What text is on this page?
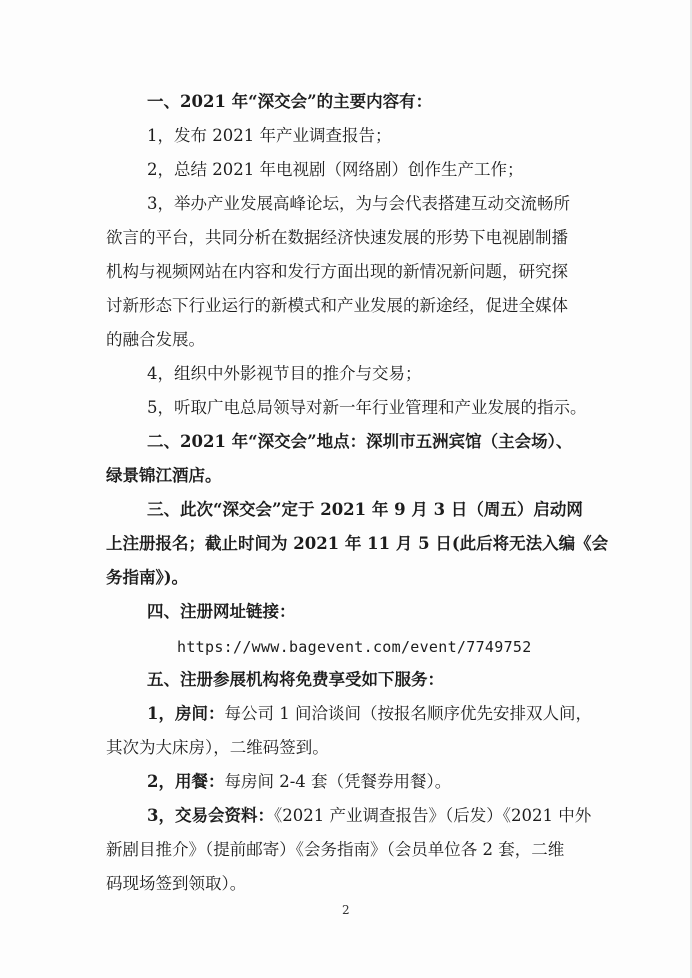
一、2021 年“深交会”的主要内容有：
1，发布 2021 年产业调查报告；
2，总结 2021 年电视剧（网络剧）创作生产工作；
3，举办产业发展高峰论坛，为与会代表搭建互动交流畅所
欲言的平台，共同分析在数据经济快速发展的形势下电视剧制播
机构与视频网站在内容和发行方面出现的新情况新问题，研究探
讨新形态下行业运行的新模式和产业发展的新途经，促进全媒体
的融合发展。
4，组织中外影视节目的推介与交易；
5，听取广电总局领导对新一年行业管理和产业发展的指示。
二、2021 年“深交会”地点：深圳市五洲宾馆（主会场）、
绿景锦江酒店。
三、此次“深交会”定于 2021 年 9 月 3 日（周五）启动网
上注册报名；截止时间为 2021 年 11 月 5 日(此后将无法入编《会
务指南》)。
四、注册网址链接：
https://www.bagevent.com/event/7749752
五、注册参展机构将免费享受如下服务：
1，房间：每公司 1 间洽谈间（按报名顺序优先安排双人间，
其次为大床房），二维码签到。
2，用餐：每房间 2-4 套（凭餐券用餐）。
3，交易会资料：《2021 产业调查报告》（后发）《2021 中外
新剧目推介》（提前邮寄）《会务指南》（会员单位各 2 套，二维
码现场签到领取）。
2
